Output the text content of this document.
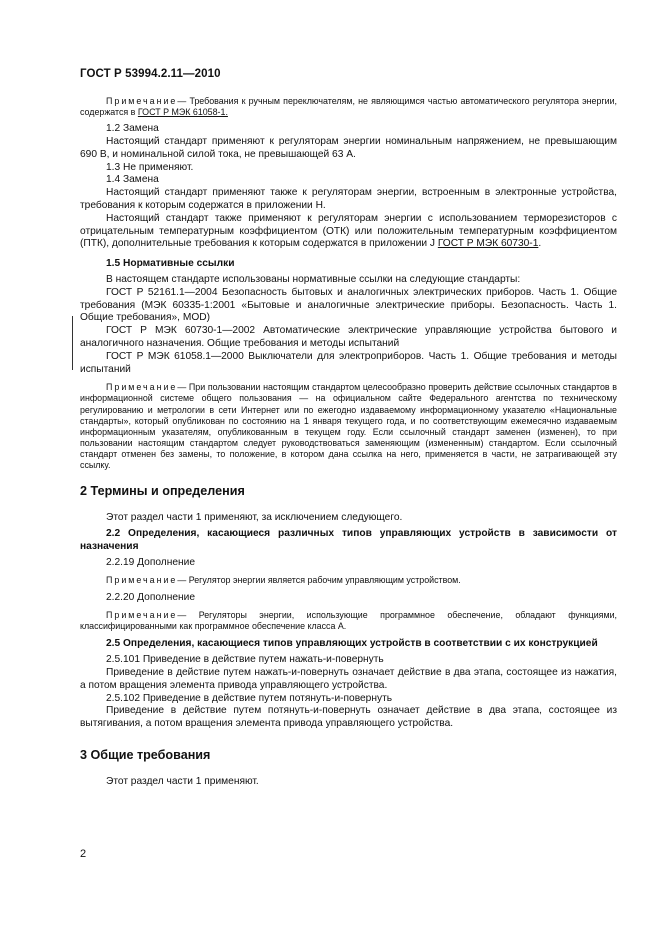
ГОСТ Р 53994.2.11—2010

Примечание— Требования к ручным переключателям, не являющимся частью автоматического регулятора энергии, содержатся в ГОСТ Р МЭК 61058-1.

1.2 Замена

Настоящий стандарт применяют к регуляторам энергии номинальным напряжением, не превышающим 690 В, и номинальной силой тока, не превышающей 63 А.

1.3 Не применяют.

1.4 Замена

Настоящий стандарт применяют также к регуляторам энергии, встроенным в электронные устройства, требования к которым содержатся в приложении Н.

Настоящий стандарт также применяют к регуляторам энергии с использованием терморезисторов с отрицательным температурным коэффициентом (ОТК) или положительным температурным коэффициентом (ПТК), дополнительные требования к которым содержатся в приложении J ГОСТ Р МЭК 60730-1.

1.5 Нормативные ссылки

В настоящем стандарте использованы нормативные ссылки на следующие стандарты:

ГОСТ Р 52161.1—2004 Безопасность бытовых и аналогичных электрических приборов. Часть 1. Общие требования (МЭК 60335-1:2001 «Бытовые и аналогичные электрические приборы. Безопасность. Часть 1. Общие требования», MOD)

ГОСТ Р МЭК 60730-1—2002 Автоматические электрические управляющие устройства бытового и аналогичного назначения. Общие требования и методы испытаний

ГОСТ Р МЭК 61058.1—2000 Выключатели для электроприборов. Часть 1. Общие требования и методы испытаний

Примечание— При пользовании настоящим стандартом целесообразно проверить действие ссылочных стандартов в информационной системе общего пользования — на официальном сайте Федерального агентства по техническому регулированию и метрологии в сети Интернет или по ежегодно издаваемому информационному указателю «Национальные стандарты», который опубликован по состоянию на 1 января текущего года, и по соответствующим ежемесячно издаваемым информационным указателям, опубликованным в текущем году. Если ссылочный стандарт заменен (изменен), то при пользовании настоящим стандартом следует руководствоваться заменяющим (измененным) стандартом. Если ссылочный стандарт отменен без замены, то положение, в котором дана ссылка на него, применяется в части, не затрагивающей эту ссылку.

2 Термины и определения

Этот раздел части 1 применяют, за исключением следующего.

2.2 Определения, касающиеся различных типов управляющих устройств в зависимости от назначения

2.2.19 Дополнение

Примечание— Регулятор энергии является рабочим управляющим устройством.

2.2.20 Дополнение

Примечание— Регуляторы энергии, использующие программное обеспечение, обладают функциями, классифицированными как программное обеспечение класса А.

2.5 Определения, касающиеся типов управляющих устройств в соответствии с их конструкцией

2.5.101 Приведение в действие путем нажать-и-повернуть

Приведение в действие путем нажать-и-повернуть означает действие в два этапа, состоящее из нажатия, а потом вращения элемента привода управляющего устройства.

2.5.102 Приведение в действие путем потянуть-и-повернуть

Приведение в действие путем потянуть-и-повернуть означает действие в два этапа, состоящее из вытягивания, а потом вращения элемента привода управляющего устройства.

3 Общие требования

Этот раздел части 1 применяют.

2
